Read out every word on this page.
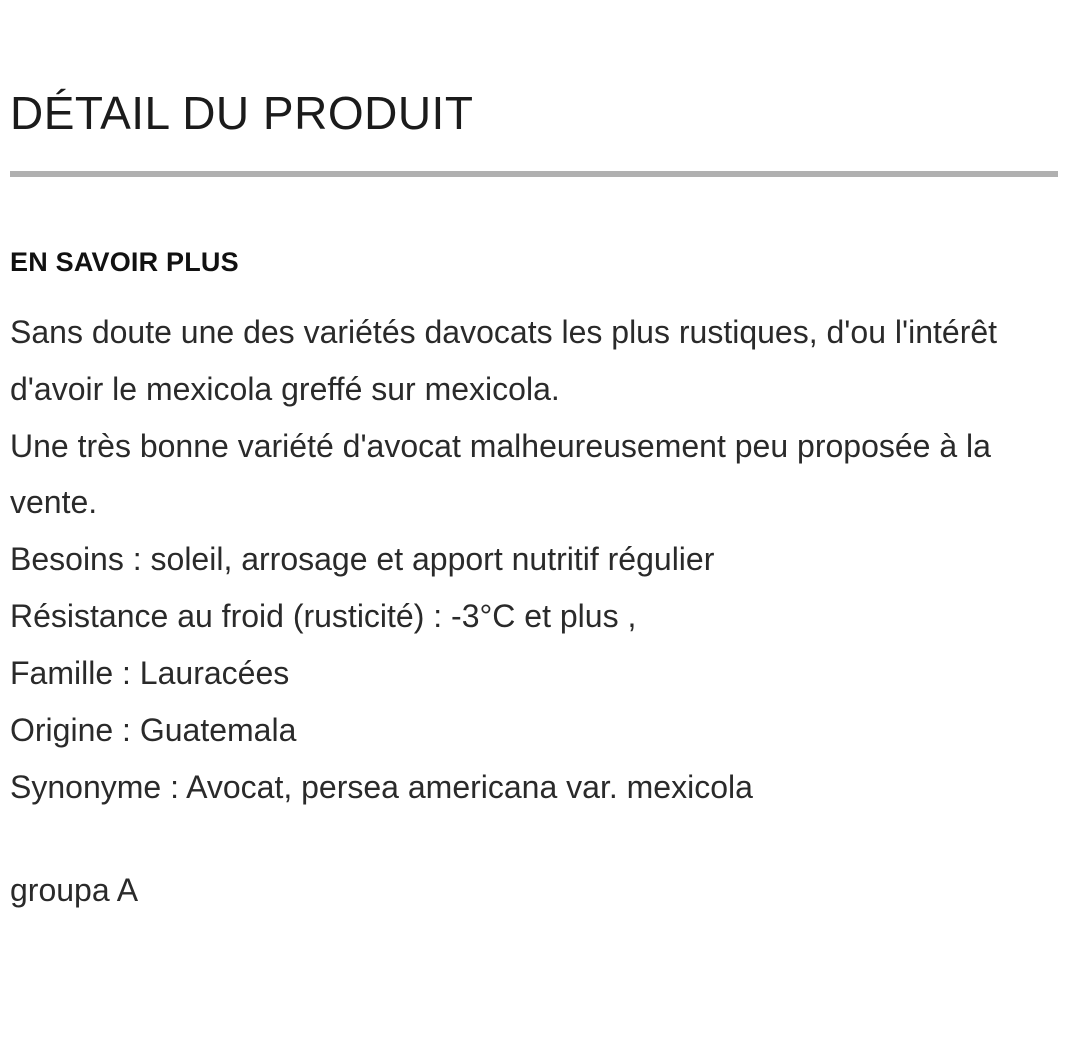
DÉTAIL DU PRODUIT
EN SAVOIR PLUS

Sans doute une des variétés davocats les plus rustiques, d'ou l'intérêt d'avoir le mexicola greffé sur mexicola.

Une très bonne variété d'avocat malheureusement peu proposée à la vente.

Besoins : soleil, arrosage et apport nutritif régulier
Résistance au froid (rusticité) : -3°C et plus ,
Famille : Lauracées
Origine : Guatemala
Synonyme : Avocat, persea americana var. mexicola
groupa A
